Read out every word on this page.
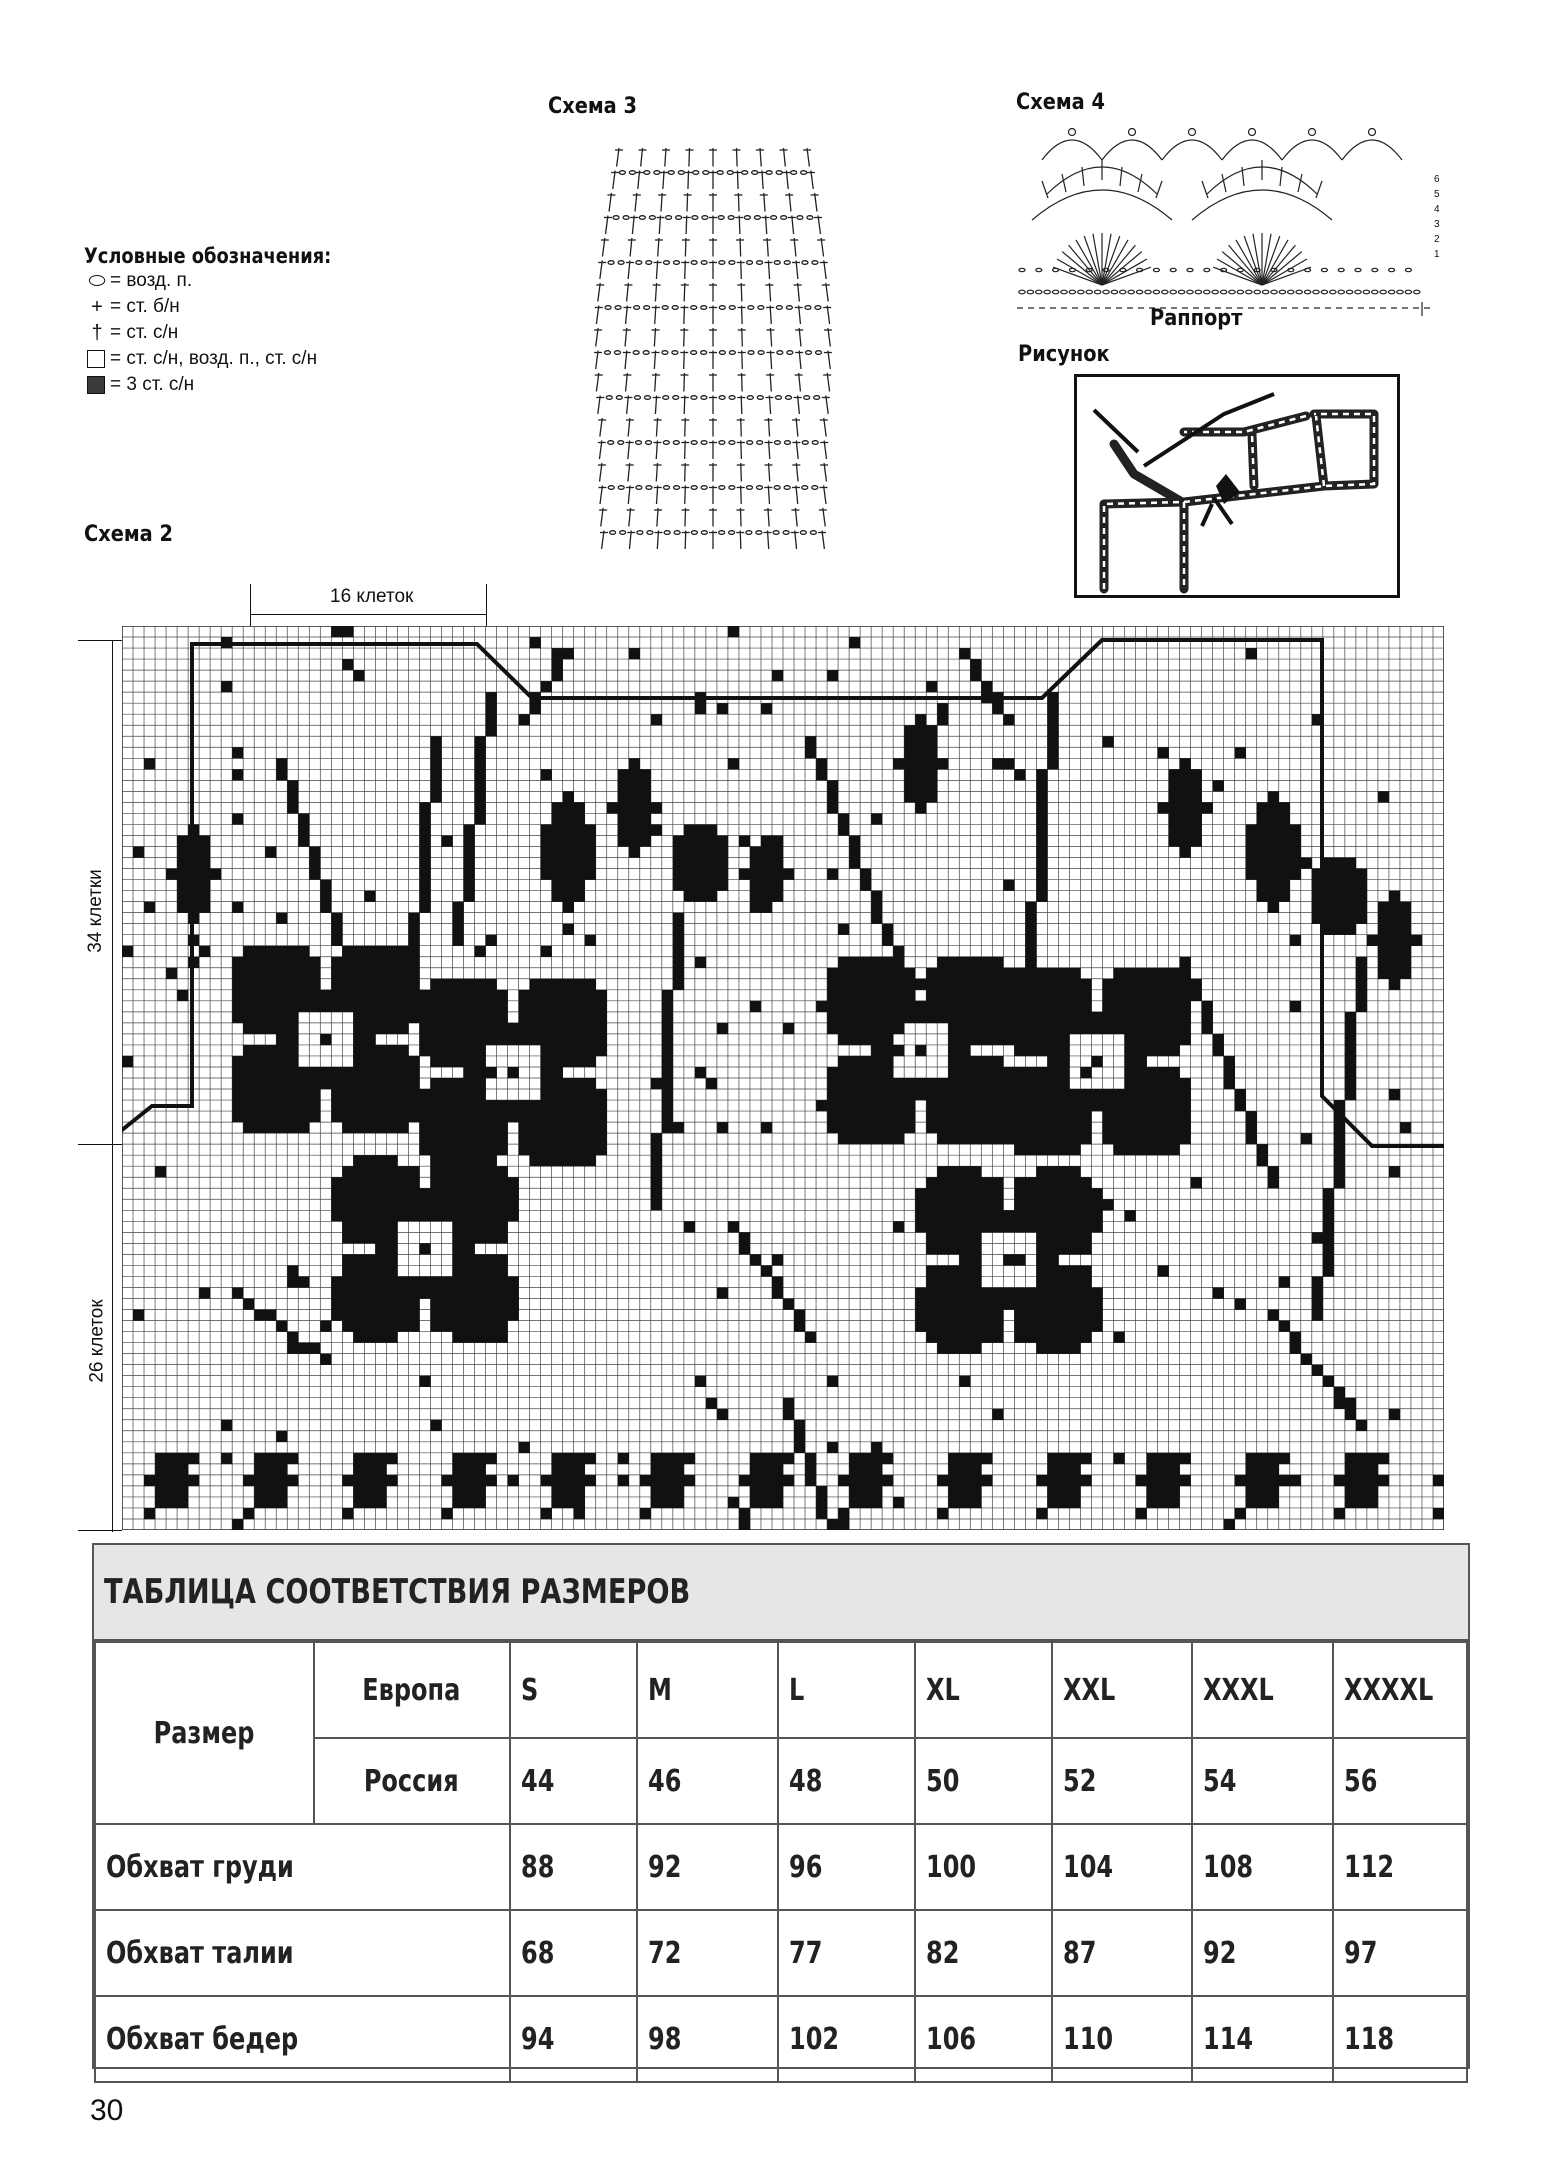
Условные обозначения:
⬭ = возд. п.
+ = ст. б/н
† = ст. с/н
= ст. с/н, возд. п., ст. с/н
= 3 ст. с/н
Схема 3	Схема 4
6
5
4
3
2
1
Раппорт
Рисунок
Схема 2
16 клеток
34 клетки
26 клеток
ТАБЛИЦА СООТВЕТСТВИЯ РАЗМЕРОВ
Размер	Европа	S	M	L	XL	XXL	XXXL	XXXXL
	Россия	44	46	48	50	52	54	56
Обхват груди		88	92	96	100	104	108	112
Обхват талии		68	72	77	82	87	92	97
Обхват бедер		94	98	102	106	110	114	118
30
